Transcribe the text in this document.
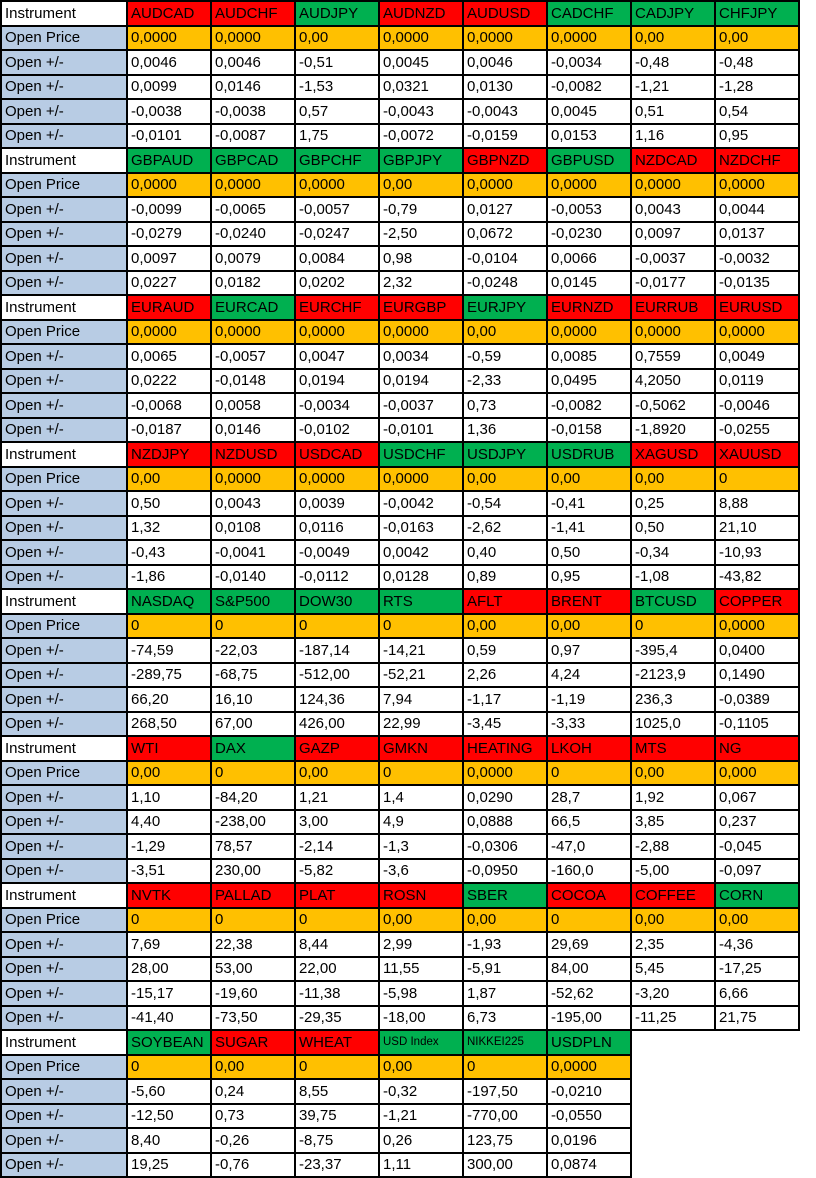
Instrument	AUDCAD	AUDCHF	AUDJPY	AUDNZD	AUDUSD	CADCHF	CADJPY	CHFJPY
Open Price	0,0000	0,0000	0,00	0,0000	0,0000	0,0000	0,00	0,00
Open +/-	0,0046	0,0046	-0,51	0,0045	0,0046	-0,0034	-0,48	-0,48
Open +/-	0,0099	0,0146	-1,53	0,0321	0,0130	-0,0082	-1,21	-1,28
Open +/-	-0,0038	-0,0038	0,57	-0,0043	-0,0043	0,0045	0,51	0,54
Open +/-	-0,0101	-0,0087	1,75	-0,0072	-0,0159	0,0153	1,16	0,95
Instrument	GBPAUD	GBPCAD	GBPCHF	GBPJPY	GBPNZD	GBPUSD	NZDCAD	NZDCHF
Open Price	0,0000	0,0000	0,0000	0,00	0,0000	0,0000	0,0000	0,0000
Open +/-	-0,0099	-0,0065	-0,0057	-0,79	0,0127	-0,0053	0,0043	0,0044
Open +/-	-0,0279	-0,0240	-0,0247	-2,50	0,0672	-0,0230	0,0097	0,0137
Open +/-	0,0097	0,0079	0,0084	0,98	-0,0104	0,0066	-0,0037	-0,0032
Open +/-	0,0227	0,0182	0,0202	2,32	-0,0248	0,0145	-0,0177	-0,0135
Instrument	EURAUD	EURCAD	EURCHF	EURGBP	EURJPY	EURNZD	EURRUB	EURUSD
Open Price	0,0000	0,0000	0,0000	0,0000	0,00	0,0000	0,0000	0,0000
Open +/-	0,0065	-0,0057	0,0047	0,0034	-0,59	0,0085	0,7559	0,0049
Open +/-	0,0222	-0,0148	0,0194	0,0194	-2,33	0,0495	4,2050	0,0119
Open +/-	-0,0068	0,0058	-0,0034	-0,0037	0,73	-0,0082	-0,5062	-0,0046
Open +/-	-0,0187	0,0146	-0,0102	-0,0101	1,36	-0,0158	-1,8920	-0,0255
Instrument	NZDJPY	NZDUSD	USDCAD	USDCHF	USDJPY	USDRUB	XAGUSD	XAUUSD
Open Price	0,00	0,0000	0,0000	0,0000	0,00	0,00	0,00	0
Open +/-	0,50	0,0043	0,0039	-0,0042	-0,54	-0,41	0,25	8,88
Open +/-	1,32	0,0108	0,0116	-0,0163	-2,62	-1,41	0,50	21,10
Open +/-	-0,43	-0,0041	-0,0049	0,0042	0,40	0,50	-0,34	-10,93
Open +/-	-1,86	-0,0140	-0,0112	0,0128	0,89	0,95	-1,08	-43,82
Instrument	NASDAQ	S&P500	DOW30	RTS	AFLT	BRENT	BTCUSD	COPPER
Open Price	0	0	0	0	0,00	0,00	0	0,0000
Open +/-	-74,59	-22,03	-187,14	-14,21	0,59	0,97	-395,4	0,0400
Open +/-	-289,75	-68,75	-512,00	-52,21	2,26	4,24	-2123,9	0,1490
Open +/-	66,20	16,10	124,36	7,94	-1,17	-1,19	236,3	-0,0389
Open +/-	268,50	67,00	426,00	22,99	-3,45	-3,33	1025,0	-0,1105
Instrument	WTI	DAX	GAZP	GMKN	HEATING	LKOH	MTS	NG
Open Price	0,00	0	0,00	0	0,0000	0	0,00	0,000
Open +/-	1,10	-84,20	1,21	1,4	0,0290	28,7	1,92	0,067
Open +/-	4,40	-238,00	3,00	4,9	0,0888	66,5	3,85	0,237
Open +/-	-1,29	78,57	-2,14	-1,3	-0,0306	-47,0	-2,88	-0,045
Open +/-	-3,51	230,00	-5,82	-3,6	-0,0950	-160,0	-5,00	-0,097
Instrument	NVTK	PALLAD	PLAT	ROSN	SBER	COCOA	COFFEE	CORN
Open Price	0	0	0	0,00	0,00	0	0,00	0,00
Open +/-	7,69	22,38	8,44	2,99	-1,93	29,69	2,35	-4,36
Open +/-	28,00	53,00	22,00	11,55	-5,91	84,00	5,45	-17,25
Open +/-	-15,17	-19,60	-11,38	-5,98	1,87	-52,62	-3,20	6,66
Open +/-	-41,40	-73,50	-29,35	-18,00	6,73	-195,00	-11,25	21,75
Instrument	SOYBEAN	SUGAR	WHEAT	USD Index	NIKKEI225	USDPLN		
Open Price	0	0,00	0	0,00	0	0,0000		
Open +/-	-5,60	0,24	8,55	-0,32	-197,50	-0,0210		
Open +/-	-12,50	0,73	39,75	-1,21	-770,00	-0,0550		
Open +/-	8,40	-0,26	-8,75	0,26	123,75	0,0196		
Open +/-	19,25	-0,76	-23,37	1,11	300,00	0,0874		
